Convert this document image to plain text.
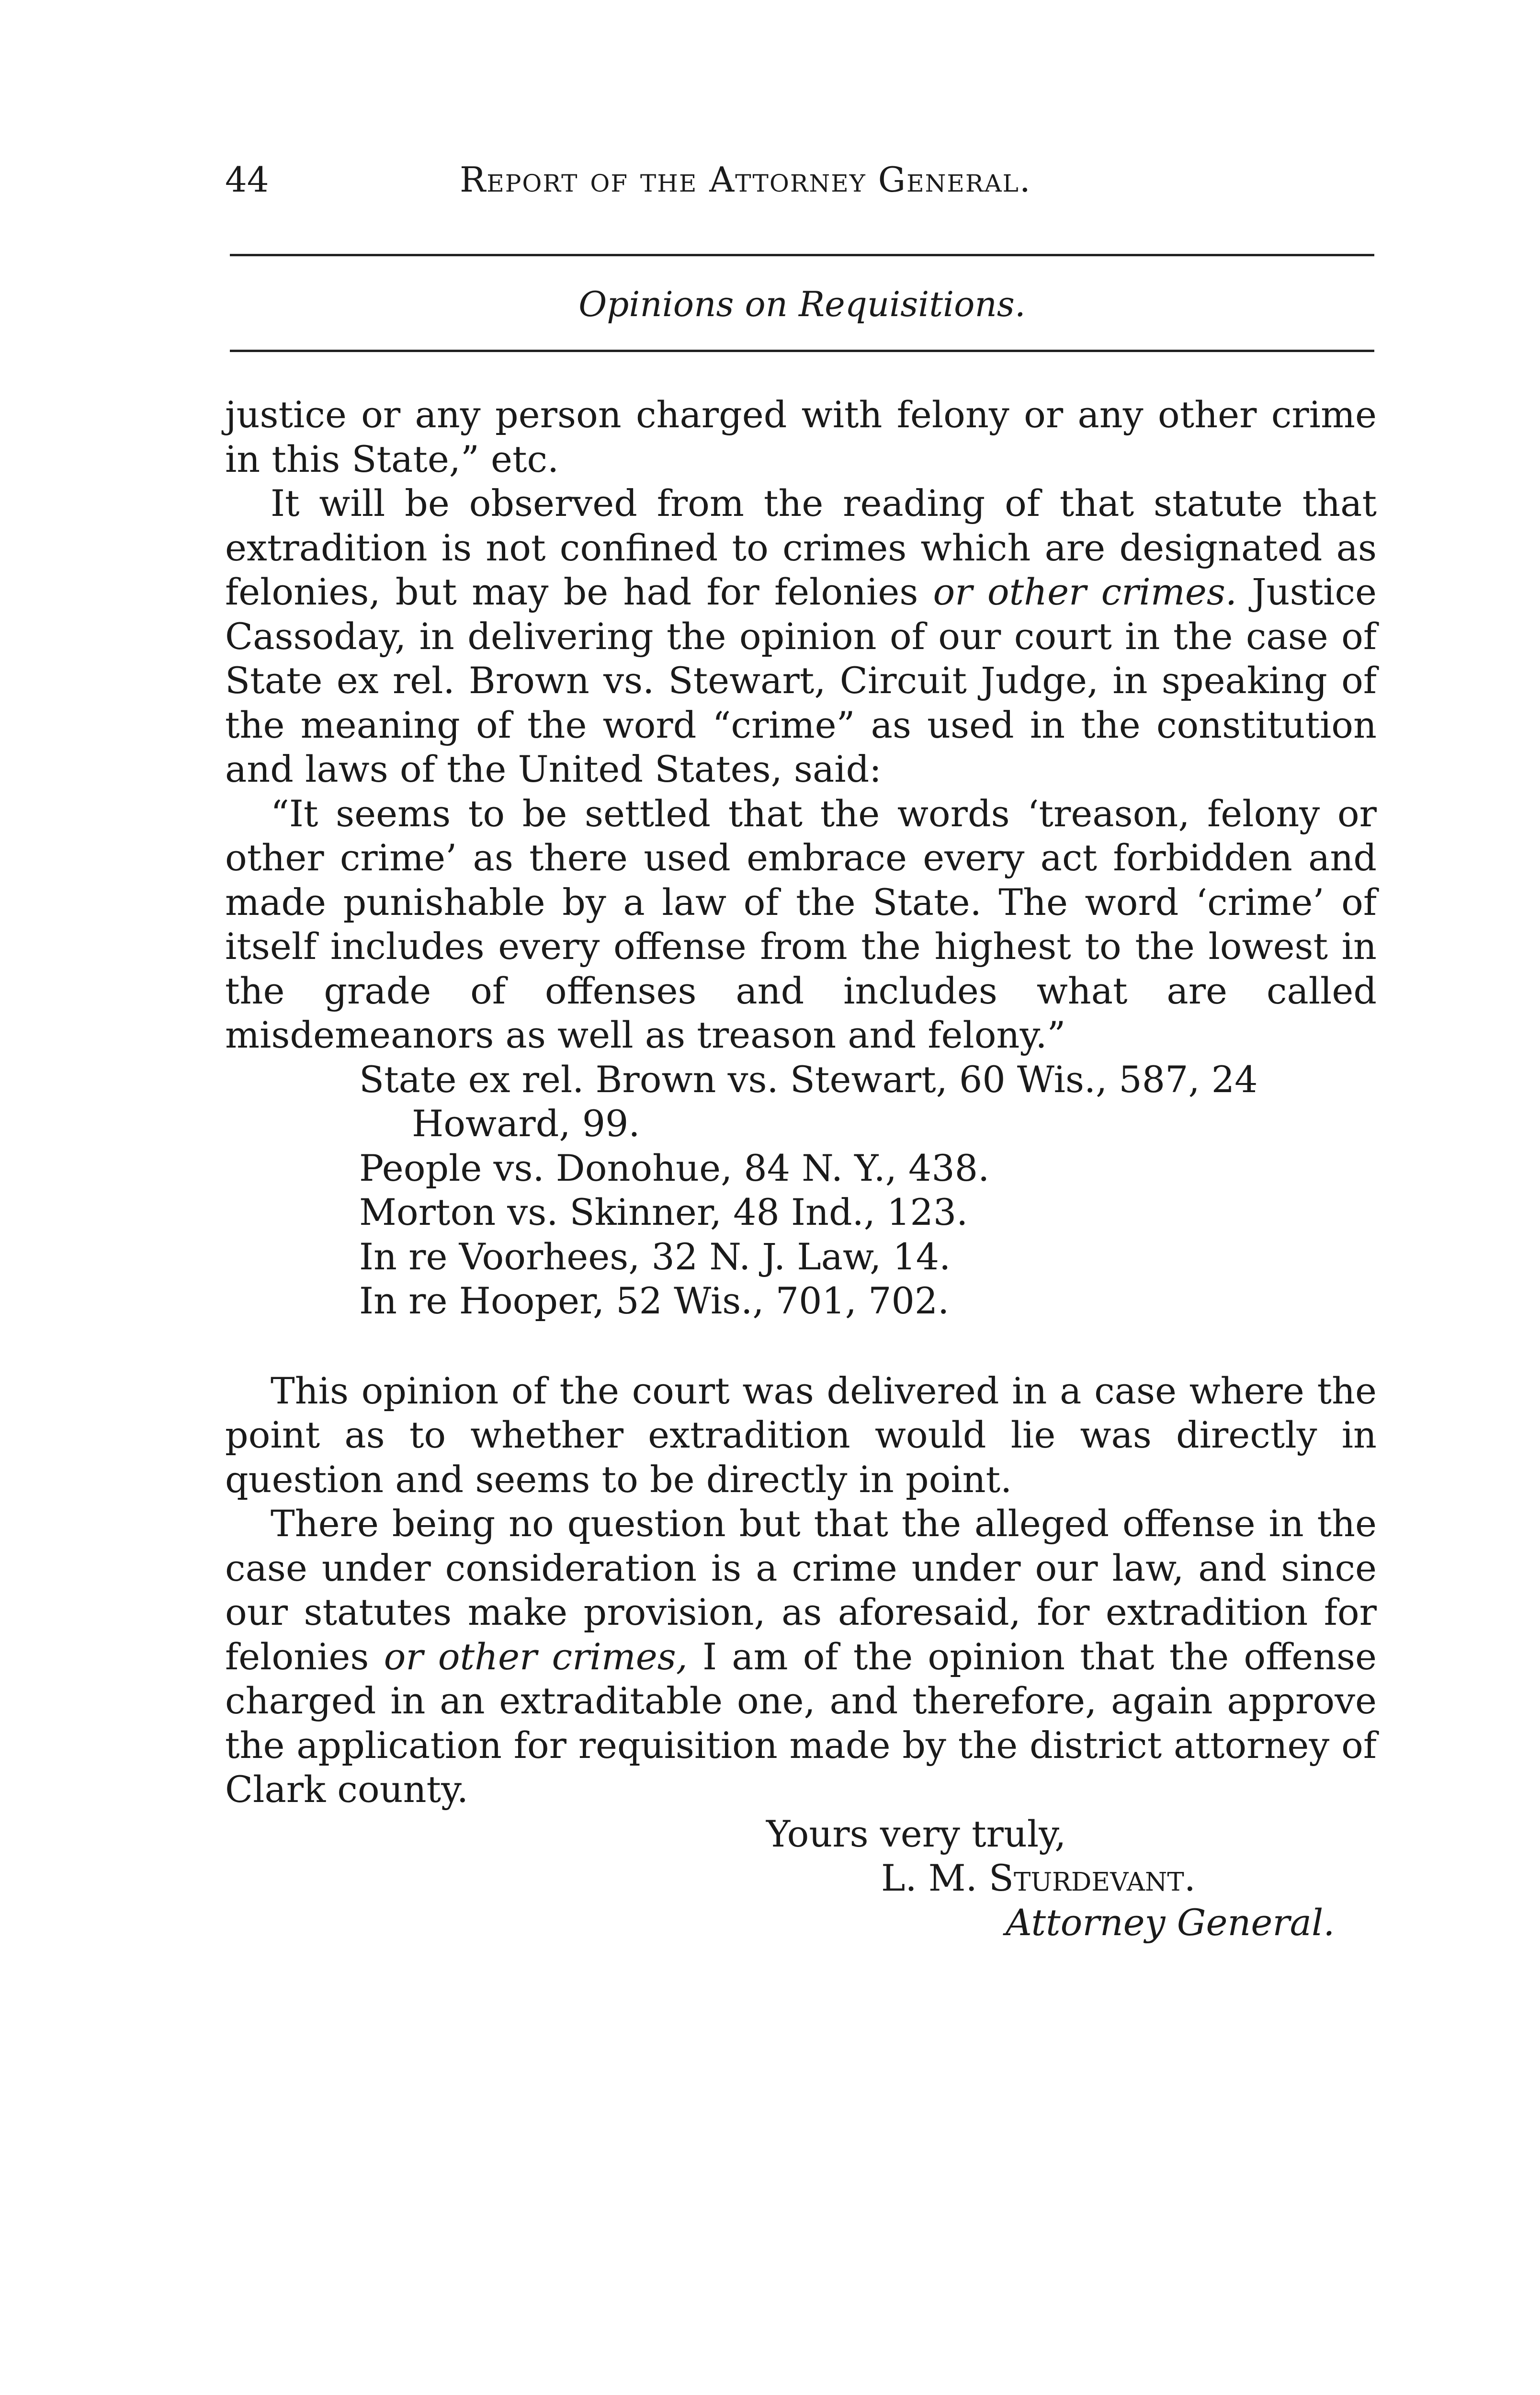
44	Report of the Attorney General.
Opinions on Requisitions.

justice or any person charged with felony or any other crime in this State,” etc.

It will be observed from the reading of that statute that extradition is not confined to crimes which are designated as felonies, but may be had for felonies or other crimes. Justice Cassoday, in delivering the opinion of our court in the case of State ex rel. Brown vs. Stewart, Circuit Judge, in speaking of the meaning of the word “crime” as used in the constitution and laws of the United States, said:

“It seems to be settled that the words ‘treason, felony or other crime’ as there used embrace every act forbidden and made punishable by a law of the State. The word ‘crime’ of itself includes every offense from the highest to the lowest in the grade of offenses and includes what are called misdemeanors as well as treason and felony.”

State ex rel. Brown vs. Stewart, 60 Wis., 587, 24 Howard, 99.
People vs. Donohue, 84 N. Y., 438.
Morton vs. Skinner, 48 Ind., 123.
In re Voorhees, 32 N. J. Law, 14.
In re Hooper, 52 Wis., 701, 702.

This opinion of the court was delivered in a case where the point as to whether extradition would lie was directly in question and seems to be directly in point.

There being no question but that the alleged offense in the case under consideration is a crime under our law, and since our statutes make provision, as aforesaid, for extradition for felonies or other crimes, I am of the opinion that the offense charged in an extraditable one, and therefore, again approve the application for requisition made by the district attorney of Clark county.

Yours very truly,
L. M. Sturdevant.
Attorney General.
